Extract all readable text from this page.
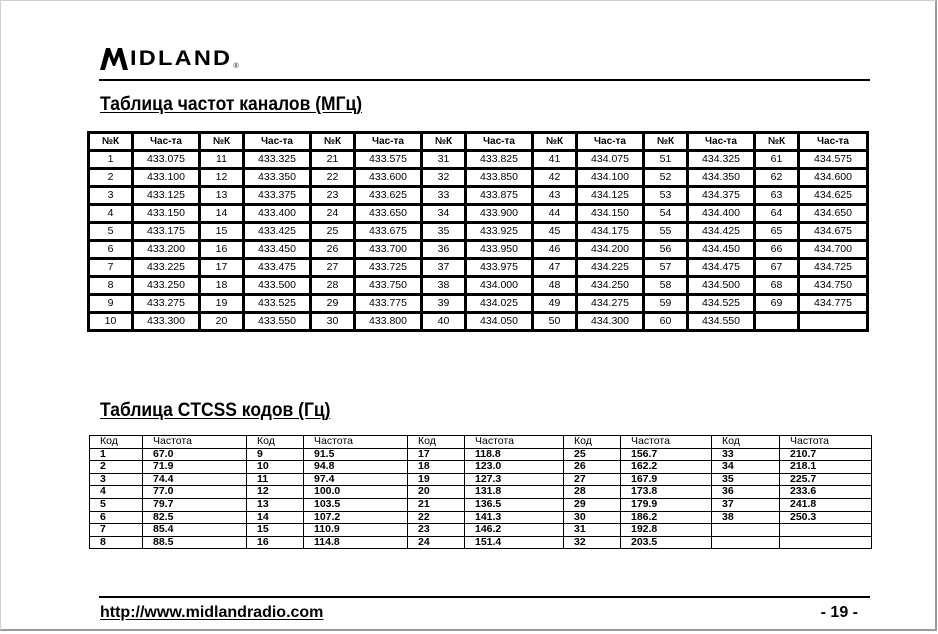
IDLAND ®
Таблица частот каналов (МГц)
№К	Час-та	№К	Час-та	№К	Час-та	№К	Час-та	№К	Час-та	№К	Час-та	№К	Час-та
1	433.075	11	433.325	21	433.575	31	433.825	41	434.075	51	434.325	61	434.575
2	433.100	12	433.350	22	433.600	32	433.850	42	434.100	52	434.350	62	434.600
3	433.125	13	433.375	23	433.625	33	433.875	43	434.125	53	434.375	63	434.625
4	433.150	14	433.400	24	433.650	34	433.900	44	434.150	54	434.400	64	434.650
5	433.175	15	433.425	25	433.675	35	433.925	45	434.175	55	434.425	65	434.675
6	433.200	16	433.450	26	433.700	36	433.950	46	434.200	56	434.450	66	434.700
7	433.225	17	433.475	27	433.725	37	433.975	47	434.225	57	434.475	67	434.725
8	433.250	18	433.500	28	433.750	38	434.000	48	434.250	58	434.500	68	434.750
9	433.275	19	433.525	29	433.775	39	434.025	49	434.275	59	434.525	69	434.775
10	433.300	20	433.550	30	433.800	40	434.050	50	434.300	60	434.550		
Таблица CTCSS кодов (Гц)
Код	Частота	Код	Частота	Код	Частота	Код	Частота	Код	Частота
1	67.0	9	91.5	17	118.8	25	156.7	33	210.7
2	71.9	10	94.8	18	123.0	26	162.2	34	218.1
3	74.4	11	97.4	19	127.3	27	167.9	35	225.7
4	77.0	12	100.0	20	131.8	28	173.8	36	233.6
5	79.7	13	103.5	21	136.5	29	179.9	37	241.8
6	82.5	14	107.2	22	141.3	30	186.2	38	250.3
7	85.4	15	110.9	23	146.2	31	192.8		
8	88.5	16	114.8	24	151.4	32	203.5		
http://www.midlandradio.com	- 19 -
